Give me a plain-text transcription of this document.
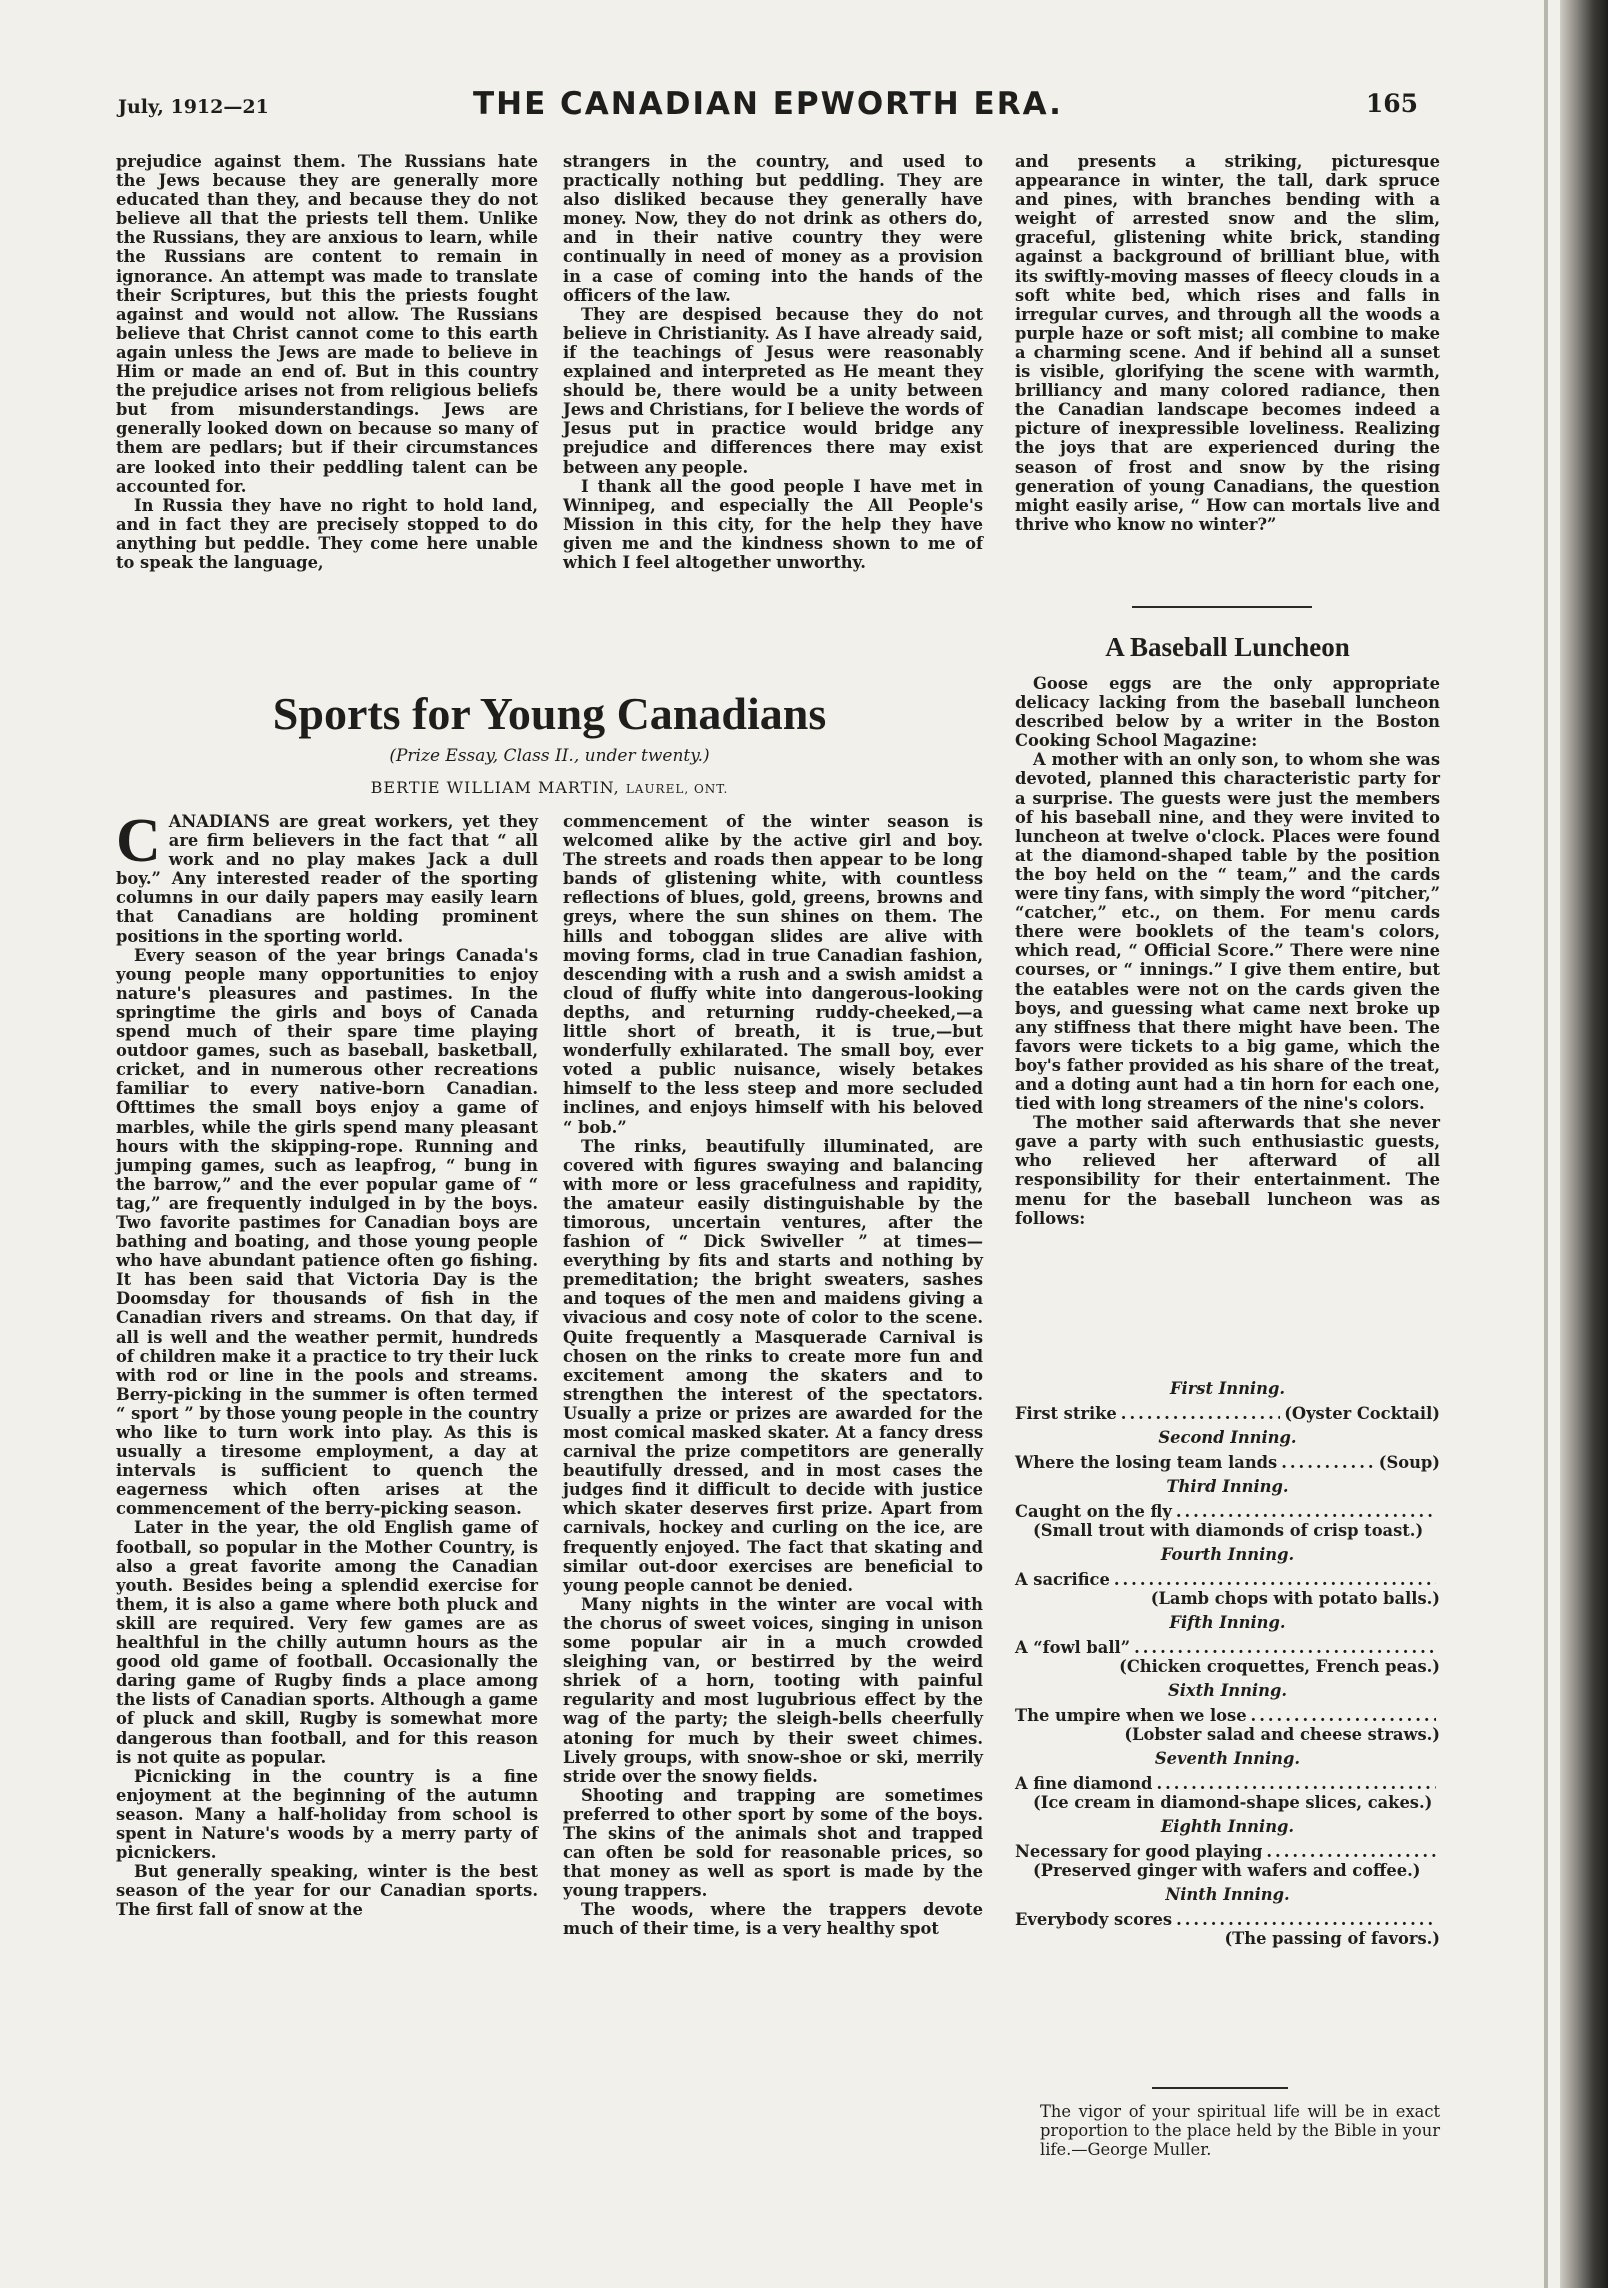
July, 1912—21	THE CANADIAN EPWORTH ERA.	165

prejudice against them. The Russians hate the Jews because they are generally more educated than they, and because they do not believe all that the priests tell them. Unlike the Russians, they are anxious to learn, while the Russians are content to remain in ignorance. An attempt was made to translate their Scriptures, but this the priests fought against and would not allow. The Russians believe that Christ cannot come to this earth again unless the Jews are made to believe in Him or made an end of. But in this country the prejudice arises not from religious beliefs but from misunderstandings. Jews are generally looked down on because so many of them are pedlars; but if their circumstances are looked into their peddling talent can be accounted for.

In Russia they have no right to hold land, and in fact they are precisely stopped to do anything but peddle. They come here unable to speak the language,

strangers in the country, and used to practically nothing but peddling. They are also disliked because they generally have money. Now, they do not drink as others do, and in their native country they were continually in need of money as a provision in a case of coming into the hands of the officers of the law.

They are despised because they do not believe in Christianity. As I have already said, if the teachings of Jesus were reasonably explained and interpreted as He meant they should be, there would be a unity between Jews and Christians, for I believe the words of Jesus put in practice would bridge any prejudice and differences there may exist between any people.

I thank all the good people I have met in Winnipeg, and especially the All People's Mission in this city, for the help they have given me and the kindness shown to me of which I feel altogether unworthy.

and presents a striking, picturesque appearance in winter, the tall, dark spruce and pines, with branches bending with a weight of arrested snow and the slim, graceful, glistening white brick, standing against a background of brilliant blue, with its swiftly-moving masses of fleecy clouds in a soft white bed, which rises and falls in irregular curves, and through all the woods a purple haze or soft mist; all combine to make a charming scene. And if behind all a sunset is visible, glorifying the scene with warmth, brilliancy and many colored radiance, then the Canadian landscape becomes indeed a picture of inexpressible loveliness. Realizing the joys that are experienced during the season of frost and snow by the rising generation of young Canadians, the question might easily arise, “ How can mortals live and thrive who know no winter?”

Sports for Young Canadians
(Prize Essay, Class II., under twenty.)
BERTIE WILLIAM MARTIN, LAUREL, ONT.

CANADIANS are great workers, yet they are firm believers in the fact that “ all work and no play makes Jack a dull boy.” Any interested reader of the sporting columns in our daily papers may easily learn that Canadians are holding prominent positions in the sporting world.

Every season of the year brings Canada's young people many opportunities to enjoy nature's pleasures and pastimes. In the springtime the girls and boys of Canada spend much of their spare time playing outdoor games, such as baseball, basketball, cricket, and in numerous other recreations familiar to every native-born Canadian. Ofttimes the small boys enjoy a game of marbles, while the girls spend many pleasant hours with the skipping-rope. Running and jumping games, such as leapfrog, “ bung in the barrow,” and the ever popular game of “ tag,” are frequently indulged in by the boys. Two favorite pastimes for Canadian boys are bathing and boating, and those young people who have abundant patience often go fishing. It has been said that Victoria Day is the Doomsday for thousands of fish in the Canadian rivers and streams. On that day, if all is well and the weather permit, hundreds of children make it a practice to try their luck with rod or line in the pools and streams. Berry-picking in the summer is often termed “ sport ” by those young people in the country who like to turn work into play. As this is usually a tiresome employment, a day at intervals is sufficient to quench the eagerness which often arises at the commencement of the berry-picking season.

Later in the year, the old English game of football, so popular in the Mother Country, is also a great favorite among the Canadian youth. Besides being a splendid exercise for them, it is also a game where both pluck and skill are required. Very few games are as healthful in the chilly autumn hours as the good old game of football. Occasionally the daring game of Rugby finds a place among the lists of Canadian sports. Although a game of pluck and skill, Rugby is somewhat more dangerous than football, and for this reason is not quite as popular.

Picnicking in the country is a fine enjoyment at the beginning of the autumn season. Many a half-holiday from school is spent in Nature's woods by a merry party of picnickers.

But generally speaking, winter is the best season of the year for our Canadian sports. The first fall of snow at the

commencement of the winter season is welcomed alike by the active girl and boy. The streets and roads then appear to be long bands of glistening white, with countless reflections of blues, gold, greens, browns and greys, where the sun shines on them. The hills and toboggan slides are alive with moving forms, clad in true Canadian fashion, descending with a rush and a swish amidst a cloud of fluffy white into dangerous-looking depths, and returning ruddy-cheeked,—a little short of breath, it is true,—but wonderfully exhilarated. The small boy, ever voted a public nuisance, wisely betakes himself to the less steep and more secluded inclines, and enjoys himself with his beloved “ bob.”

The rinks, beautifully illuminated, are covered with figures swaying and balancing with more or less gracefulness and rapidity, the amateur easily distinguishable by the timorous, uncertain ventures, after the fashion of “ Dick Swiveller ” at times—everything by fits and starts and nothing by premeditation; the bright sweaters, sashes and toques of the men and maidens giving a vivacious and cosy note of color to the scene. Quite frequently a Masquerade Carnival is chosen on the rinks to create more fun and excitement among the skaters and to strengthen the interest of the spectators. Usually a prize or prizes are awarded for the most comical masked skater. At a fancy dress carnival the prize competitors are generally beautifully dressed, and in most cases the judges find it difficult to decide with justice which skater deserves first prize. Apart from carnivals, hockey and curling on the ice, are frequently enjoyed. The fact that skating and similar out-door exercises are beneficial to young people cannot be denied.

Many nights in the winter are vocal with the chorus of sweet voices, singing in unison some popular air in a much crowded sleighing van, or bestirred by the weird shriek of a horn, tooting with painful regularity and most lugubrious effect by the wag of the party; the sleigh-bells cheerfully atoning for much by their sweet chimes. Lively groups, with snow-shoe or ski, merrily stride over the snowy fields.

Shooting and trapping are sometimes preferred to other sport by some of the boys. The skins of the animals shot and trapped can often be sold for reasonable prices, so that money as well as sport is made by the young trappers.

The woods, where the trappers devote much of their time, is a very healthy spot

A Baseball Luncheon

Goose eggs are the only appropriate delicacy lacking from the baseball luncheon described below by a writer in the Boston Cooking School Magazine:

A mother with an only son, to whom she was devoted, planned this characteristic party for a surprise. The guests were just the members of his baseball nine, and they were invited to luncheon at twelve o'clock. Places were found at the diamond-shaped table by the position the boy held on the “ team,” and the cards were tiny fans, with simply the word “pitcher,” “catcher,” etc., on them. For menu cards there were booklets of the team's colors, which read, “ Official Score.” There were nine courses, or “ innings.” I give them entire, but the eatables were not on the cards given the boys, and guessing what came next broke up any stiffness that there might have been. The favors were tickets to a big game, which the boy's father provided as his share of the treat, and a doting aunt had a tin horn for each one, tied with long streamers of the nine's colors.

The mother said afterwards that she never gave a party with such enthusiastic guests, who relieved her afterward of all responsibility for their entertainment. The menu for the baseball luncheon was as follows:

First Inning.
First strike .....	(Oyster Cocktail)
Second Inning.
Where the losing team lands .....	(Soup)
Third Inning.
Caught on the fly
.....
(Small trout with diamonds of crisp toast.)
Fourth Inning.
A sacrifice
.....
(Lamb chops with potato balls.)
Fifth Inning.
A “fowl ball”
.....
(Chicken croquettes, French peas.)
Sixth Inning.
The umpire when we lose
.....
(Lobster salad and cheese straws.)
Seventh Inning.
A fine diamond
.....
(Ice cream in diamond-shape slices, cakes.)
Eighth Inning.
Necessary for good playing
.....
(Preserved ginger with wafers and coffee.)
Ninth Inning.
Everybody scores
.....
(The passing of favors.)

The vigor of your spiritual life will be in exact proportion to the place held by the Bible in your life.—George Muller.
